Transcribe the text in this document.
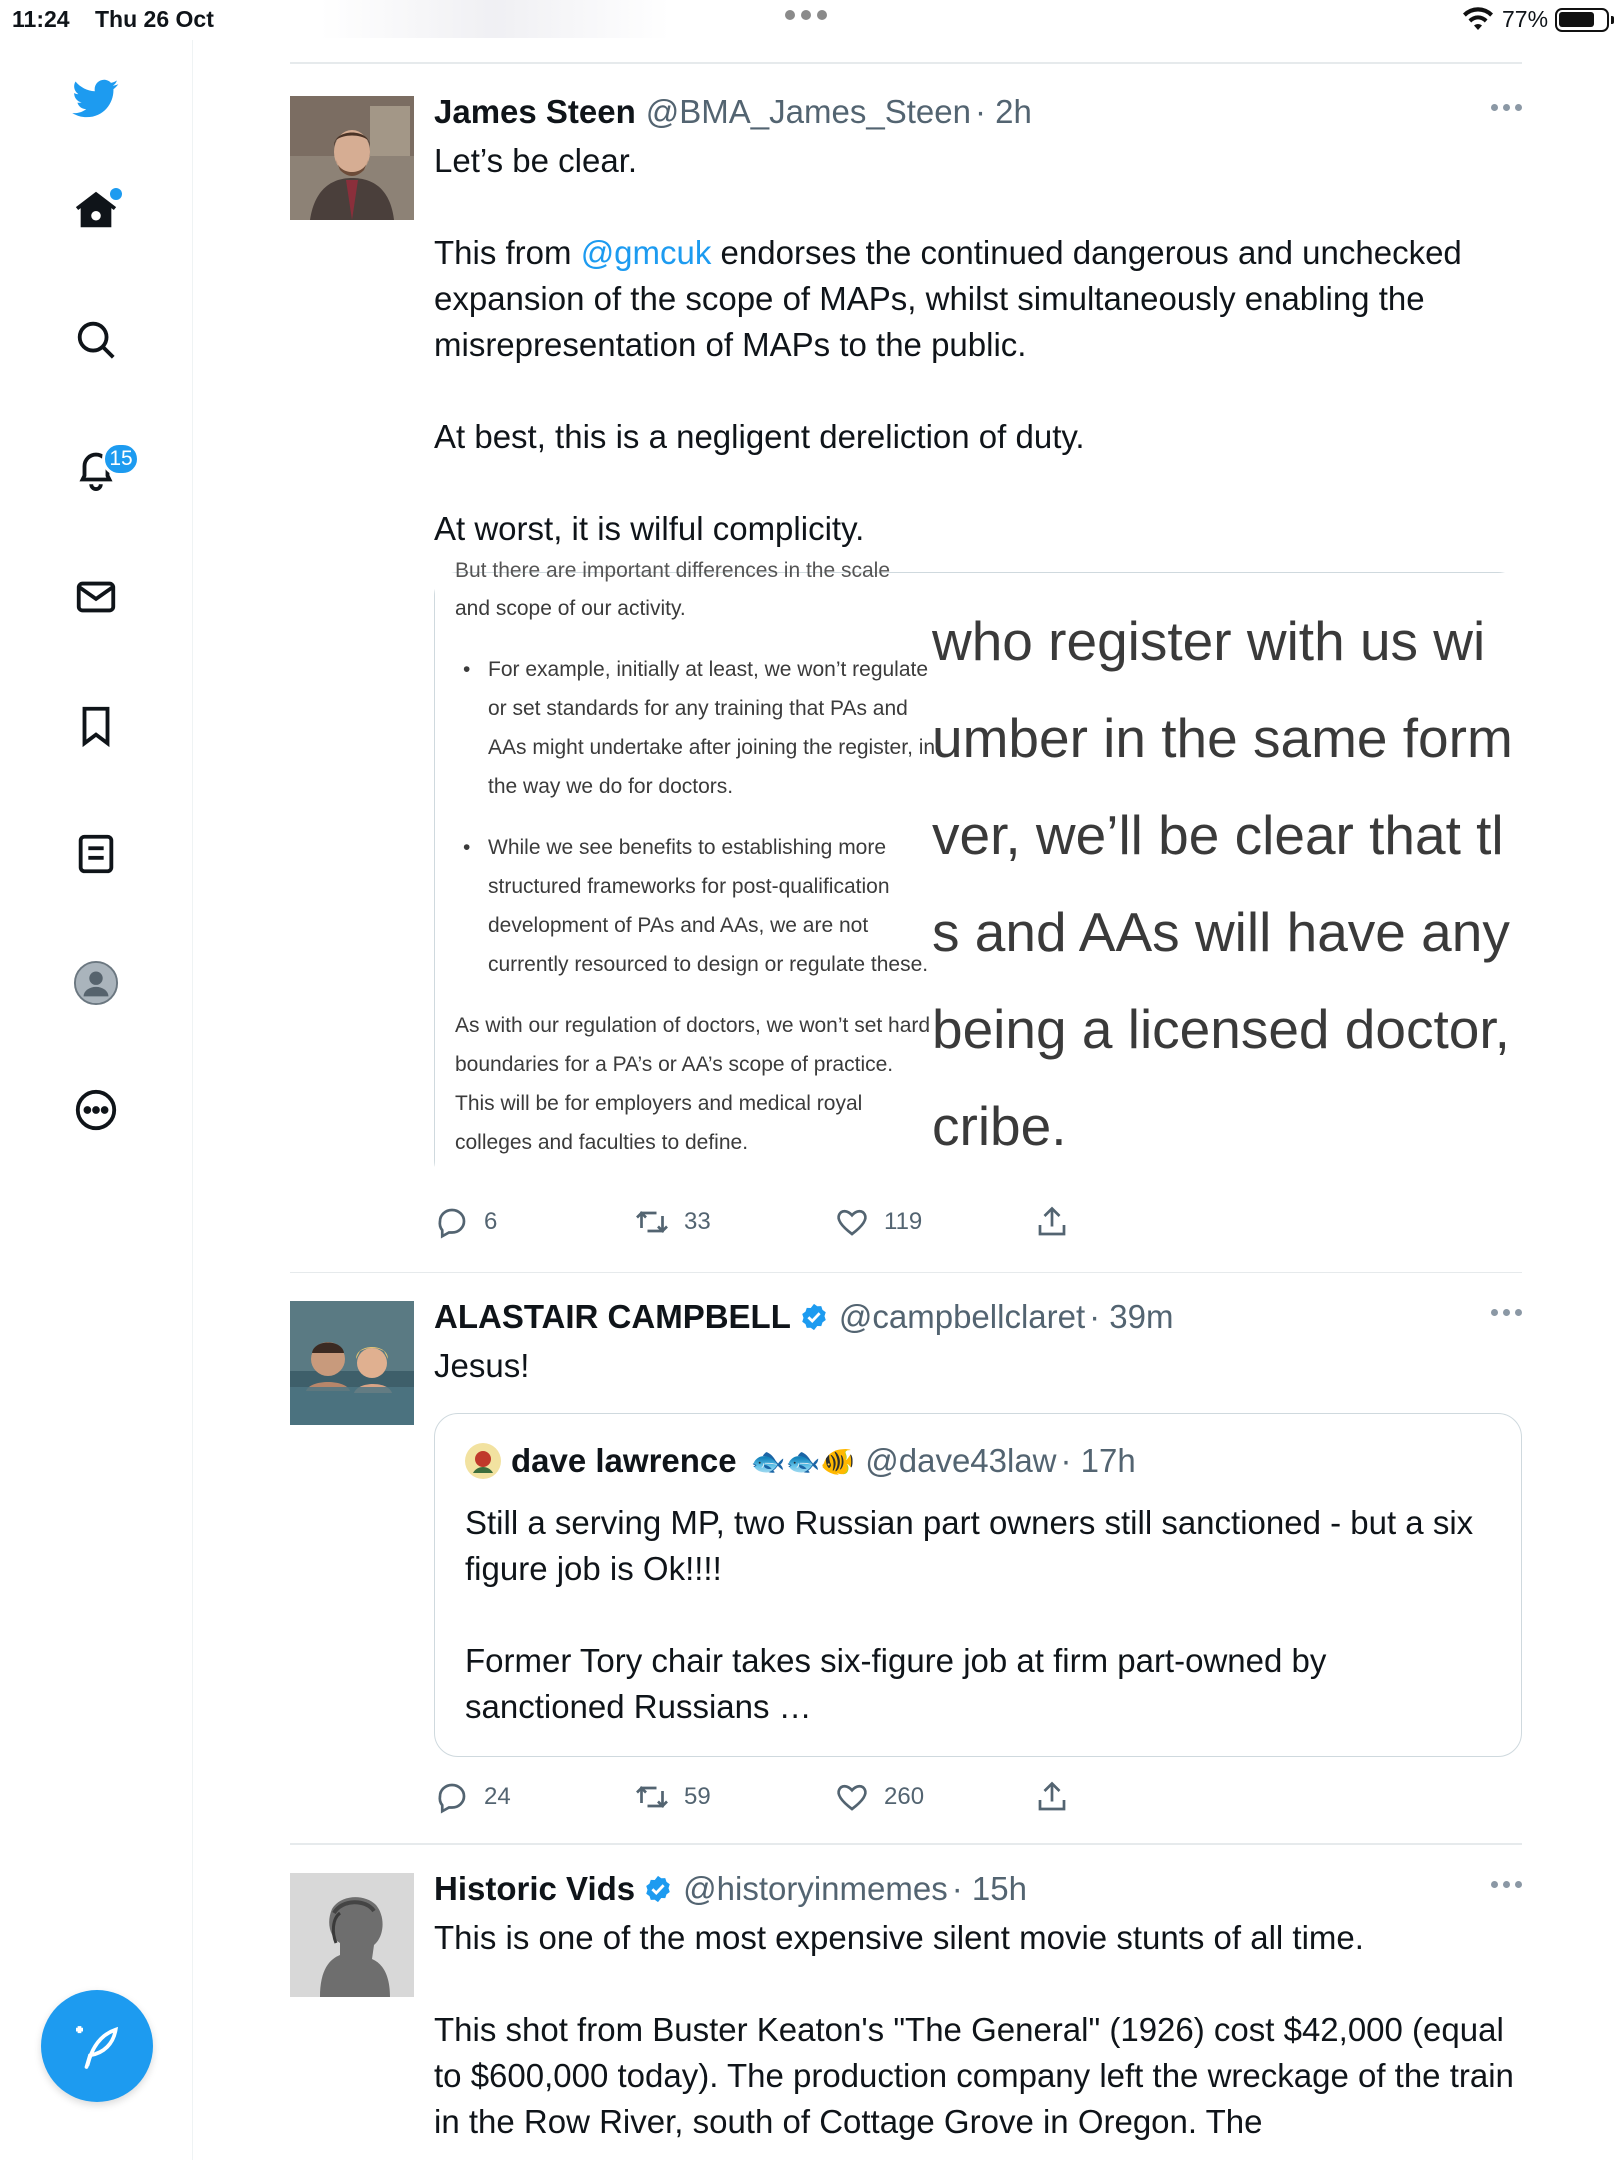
11:24 Thu 26 Oct	77%
15
James Steen @BMA_James_Steen · 2h
Let’s be clear.

This from @gmcuk endorses the continued dangerous and unchecked expansion of the scope of MAPs, whilst simultaneously enabling the misrepresentation of MAPs to the public.

At best, this is a negligent dereliction of duty.

At worst, it is wilful complicity.
But there are important differences in the scale

and scope of our activity.

• For example, initially at least, we won’t regulate or set standards for any training that PAs and AAs might undertake after joining the register, in the way we do for doctors.
• While we see benefits to establishing more structured frameworks for post-qualification development of PAs and AAs, we are not currently resourced to design or regulate these.

As with our regulation of doctors, we won’t set hard boundaries for a PA’s or AA’s scope of practice. This will be for employers and medical royal colleges and faculties to define.

who register with us wi
umber in the same form
ver, we’ll be clear that tl
s and AAs will have any
being a licensed doctor,
cribe.
6	33	119
ALASTAIR CAMPBELL @campbellclaret · 39m
Jesus!
dave lawrence 🐟🐟🐠 @dave43law · 17h
Still a serving MP, two Russian part owners still sanctioned - but a six figure job is Ok!!!!

Former Tory chair takes six-figure job at firm part-owned by sanctioned Russians …
24	59	260
Historic Vids @historyinmemes · 15h
This is one of the most expensive silent movie stunts of all time.

This shot from Buster Keaton's "The General" (1926) cost $42,000 (equal to $600,000 today). The production company left the wreckage of the train in the Row River, south of Cottage Grove in Oregon. The
